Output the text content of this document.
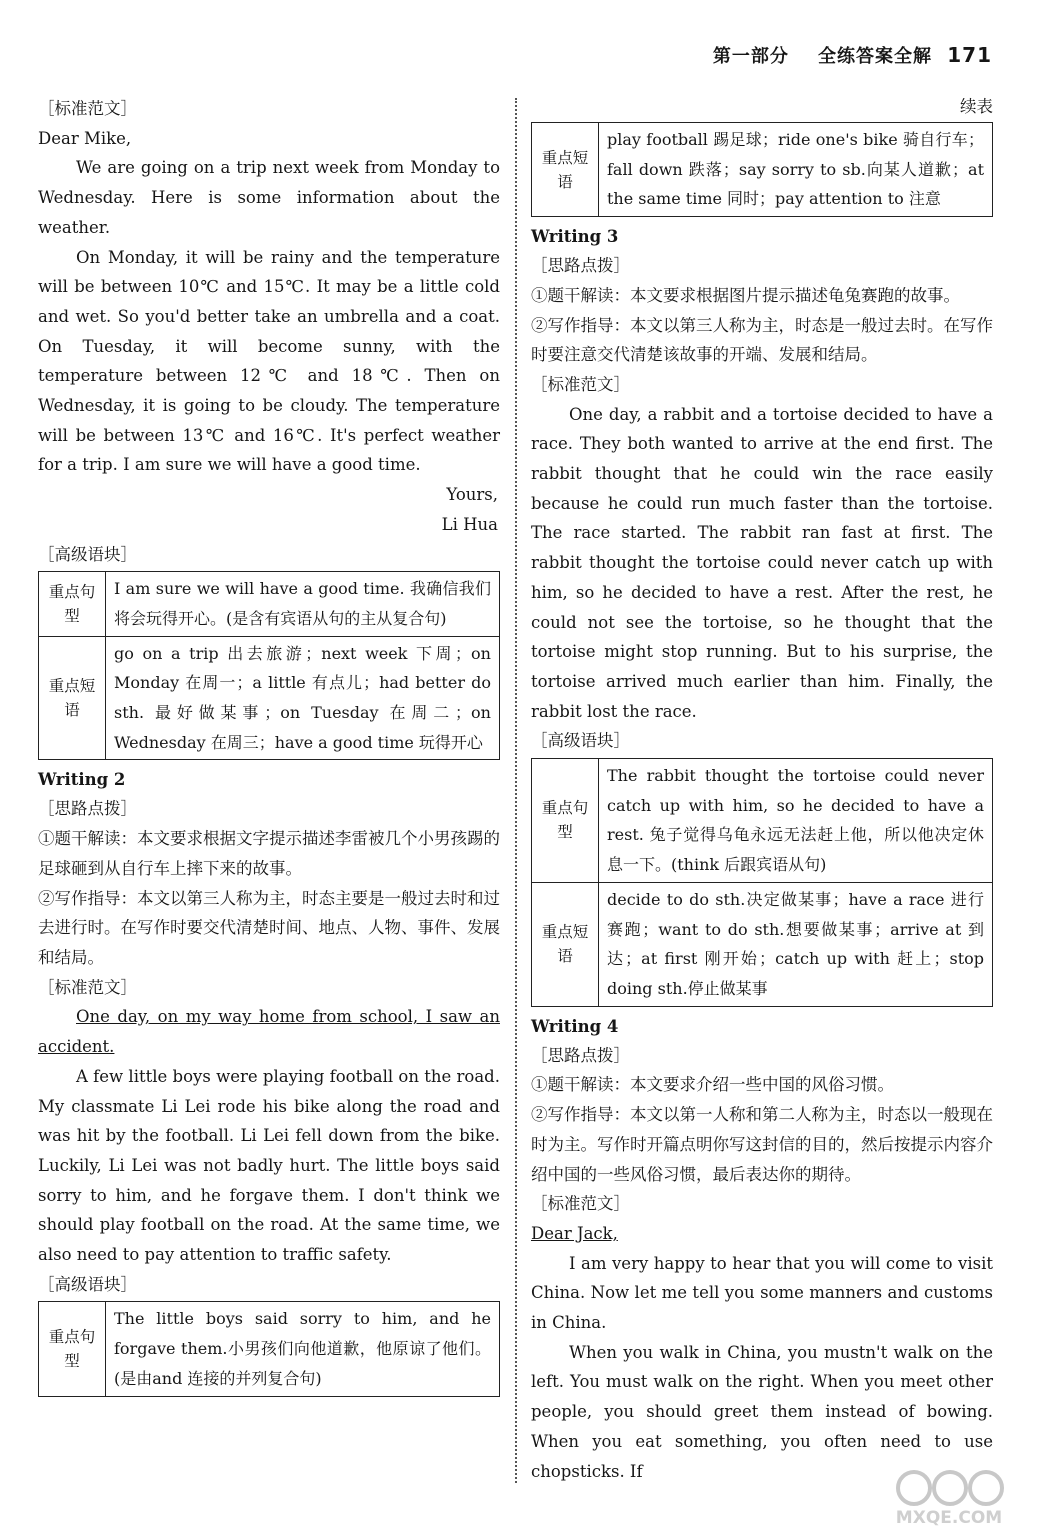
第一部分 全练答案全解 171

［标准范文］

Dear Mike,

We are going on a trip next week from Monday to Wednesday. Here is some information about the weather.

On Monday, it will be rainy and the temperature will be between 10℃ and 15℃. It may be a little cold and wet. So you'd better take an umbrella and a coat. On Tuesday, it will become sunny, with the temperature between 12℃ and 18℃. Then on Wednesday, it is going to be cloudy. The temperature will be between 13℃ and 16℃. It's perfect weather for a trip. I am sure we will have a good time.

Yours,

Li Hua

［高级语块］

重点句型	I am sure we will have a good time. 我确信我们将会玩得开心。(是含有宾语从句的主从复合句)
重点短语	go on a trip 出去旅游；next week 下周；on Monday 在周一；a little 有点儿；had better do sth. 最好做某事；on Tuesday 在周二；on Wednesday 在周三；have a good time 玩得开心

Writing 2

［思路点拨］

①题干解读：本文要求根据文字提示描述李雷被几个小男孩踢的足球砸到从自行车上摔下来的故事。

②写作指导：本文以第三人称为主，时态主要是一般过去时和过去进行时。在写作时要交代清楚时间、地点、人物、事件、发展和结局。

［标准范文］

One day, on my way home from school, I saw an accident.

A few little boys were playing football on the road. My classmate Li Lei rode his bike along the road and was hit by the football. Li Lei fell down from the bike. Luckily, Li Lei was not badly hurt. The little boys said sorry to him, and he forgave them. I don't think we should play football on the road. At the same time, we also need to pay attention to traffic safety.

［高级语块］

重点句型	The little boys said sorry to him, and he forgave them.小男孩们向他道歉，他原谅了他们。(是由and 连接的并列复合句)

续表

重点短语	play football 踢足球；ride one's bike 骑自行车；fall down 跌落；say sorry to sb.向某人道歉；at the same time 同时；pay attention to 注意

Writing 3

［思路点拨］

①题干解读：本文要求根据图片提示描述龟兔赛跑的故事。

②写作指导：本文以第三人称为主，时态是一般过去时。在写作时要注意交代清楚该故事的开端、发展和结局。

［标准范文］

One day, a rabbit and a tortoise decided to have a race. They both wanted to arrive at the end first. The rabbit thought that he could win the race easily because he could run much faster than the tortoise. The race started. The rabbit ran fast at first. The rabbit thought the tortoise could never catch up with him, so he decided to have a rest. After the rest, he could not see the tortoise, so he thought that the tortoise might stop running. But to his surprise, the tortoise arrived much earlier than him. Finally, the rabbit lost the race.

［高级语块］

重点句型	The rabbit thought the tortoise could never catch up with him, so he decided to have a rest. 兔子觉得乌龟永远无法赶上他，所以他决定休息一下。(think 后跟宾语从句)
重点短语	decide to do sth.决定做某事；have a race 进行赛跑；want to do sth.想要做某事；arrive at 到达；at first 刚开始；catch up with 赶上；stop doing sth.停止做某事

Writing 4

［思路点拨］

①题干解读：本文要求介绍一些中国的风俗习惯。

②写作指导：本文以第一人称和第二人称为主，时态以一般现在时为主。写作时开篇点明你写这封信的目的，然后按提示内容介绍中国的一些风俗习惯，最后表达你的期待。

［标准范文］

Dear Jack,

I am very happy to hear that you will come to visit China. Now let me tell you some manners and customs in China.

When you walk in China, you mustn't walk on the left. You must walk on the right. When you meet other people, you should greet them instead of bowing. When you eat something, you often need to use chopsticks. If

MXQE.COM
